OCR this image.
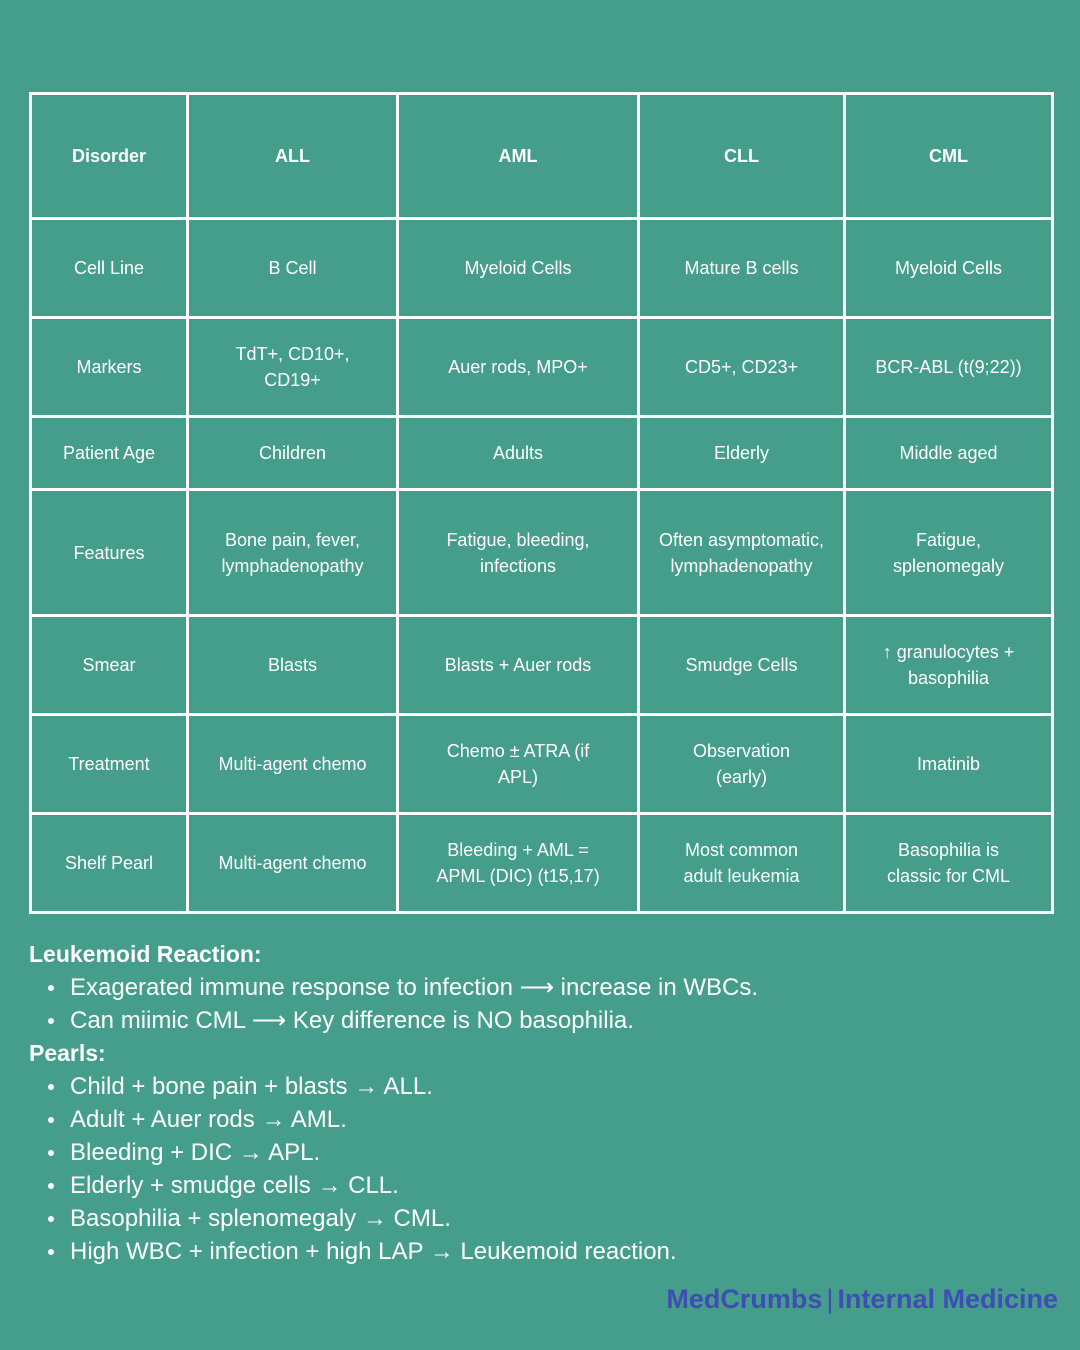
Disorder	ALL	AML	CLL	CML
Cell Line	B Cell	Myeloid Cells	Mature B cells	Myeloid Cells
Markers	TdT+, CD10+, CD19+	Auer rods, MPO+	CD5+, CD23+	BCR-ABL (t(9;22))
Patient Age	Children	Adults	Elderly	Middle aged
Features	Bone pain, fever, lymphadenopathy	Fatigue, bleeding, infections	Often asymptomatic, lymphadenopathy	Fatigue, splenomegaly
Smear	Blasts	Blasts + Auer rods	Smudge Cells	↑ granulocytes + basophilia
Treatment	Multi-agent chemo	Chemo ± ATRA (if APL)	Observation (early)	Imatinib
Shelf Pearl	Multi-agent chemo	Bleeding + AML = APML (DIC) (t15,17)	Most common adult leukemia	Basophilia is classic for CML
Leukemoid Reaction:
Exagerated immune response to infection ⟶ increase in WBCs.
Can miimic CML ⟶ Key difference is NO basophilia.
Pearls:
Child + bone pain + blasts → ALL.
Adult + Auer rods → AML.
Bleeding + DIC → APL.
Elderly + smudge cells → CLL.
Basophilia + splenomegaly → CML.
High WBC + infection + high LAP → Leukemoid reaction.
MedCrumbs | Internal Medicine
